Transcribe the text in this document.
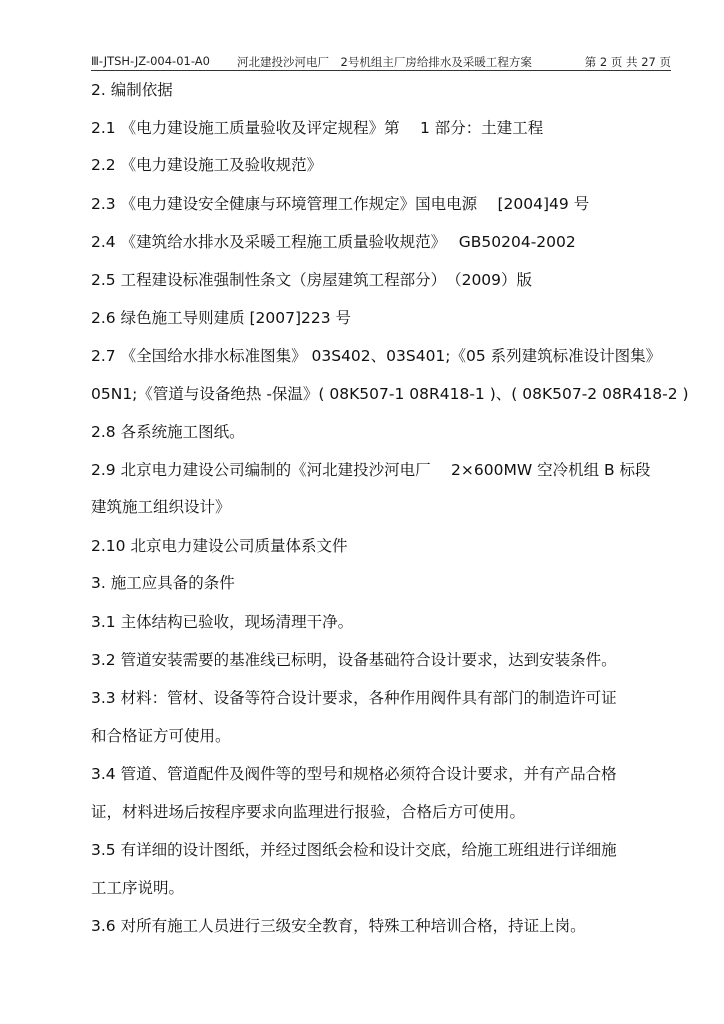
Ⅲ-JTSH-JZ-004-01-A0 河北建投沙河电厂　2号机组主厂房给排水及采暖工程方案	第 2 页 共 27 页
2. 编制依据
2.1 《电力建设施工质量验收及评定规程》第　 1 部分：土建工程
2.2 《电力建设施工及验收规范》
2.3 《电力建设安全健康与环境管理工作规定》国电电源　 [2004]49 号
2.4 《建筑给水排水及采暖工程施工质量验收规范》　 GB50204-2002
2.5 工程建设标准强制性条文（房屋建筑工程部分）　（2009）版
2.6 绿色施工导则建质 [2007]223 号
2.7 《全国给水排水标准图集》 03S402、03S401;《05 系列建筑标准设计图集》
05N1;《管道与设备绝热 -保温》( 08K507-1 08R418-1 )、( 08K507-2 08R418-2 )
2.8 各系统施工图纸。
2.9 北京电力建设公司编制的《河北建投沙河电厂　 2×600MW 空冷机组 B 标段
建筑施工组织设计》
2.10 北京电力建设公司质量体系文件
3. 施工应具备的条件
3.1 主体结构已验收，现场清理干净。
3.2 管道安装需要的基准线已标明，设备基础符合设计要求，达到安装条件。
3.3 材料：管材、设备等符合设计要求，各种作用阀件具有部门的制造许可证
和合格证方可使用。
3.4 管道、管道配件及阀件等的型号和规格必须符合设计要求，并有产品合格
证，材料进场后按程序要求向监理进行报验，合格后方可使用。
3.5 有详细的设计图纸，并经过图纸会检和设计交底，给施工班组进行详细施
工工序说明。
3.6 对所有施工人员进行三级安全教育，特殊工种培训合格，持证上岗。
